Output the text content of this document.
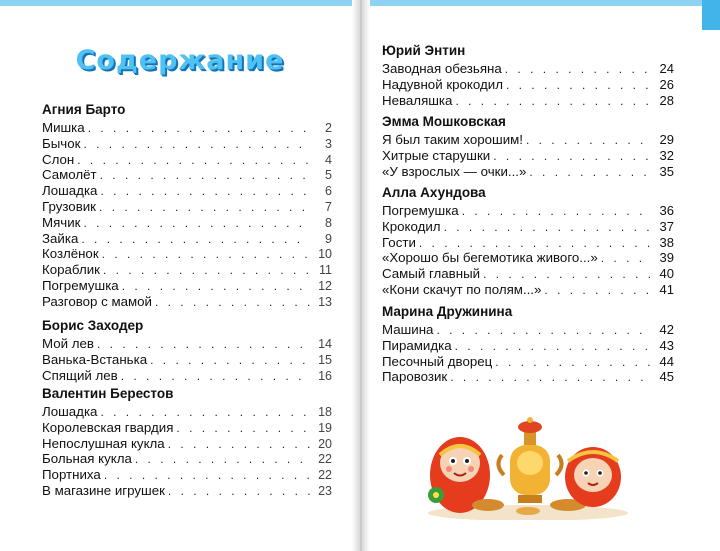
Содержание
Агния Барто
Мишка . . .	2
Бычок . . .	3
Слон . . .	4
Самолёт . . .	5
Лошадка . . .	6
Грузовик . . .	7
Мячик . . .	8
Зайка . . .	9
Козлёнок . . .	10
Кораблик . . .	11
Погремушка . . .	12
Разговор с мамой . . .	13
Борис Заходер
Мой лев . . .	14
Ванька-Встанька . . .	15
Спящий лев . . .	16
Валентин Берестов
Лошадка . . .	18
Королевская гвардия . . .	19
Непослушная кукла . . .	20
Больная кукла . . .	22
Портниха . . .	22
В магазине игрушек . . .	23
Юрий Энтин
Заводная обезьяна . . .	24
Надувной крокодил . . .	26
Неваляшка . . .	28
Эмма Мошковская
Я был таким хорошим! . . .	29
Хитрые старушки . . .	32
«У взрослых — очки...» . . .	35
Алла Ахундова
Погремушка . . .	36
Крокодил . . .	37
Гости . . .	38
«Хорошо бы бегемотика живого...» . . .	39
Самый главный . . .	40
«Кони скачут по полям...» . . .	41
Марина Дружинина
Машина . . .	42
Пирамидка . . .	43
Песочный дворец . . .	44
Паровозик . . .	45
